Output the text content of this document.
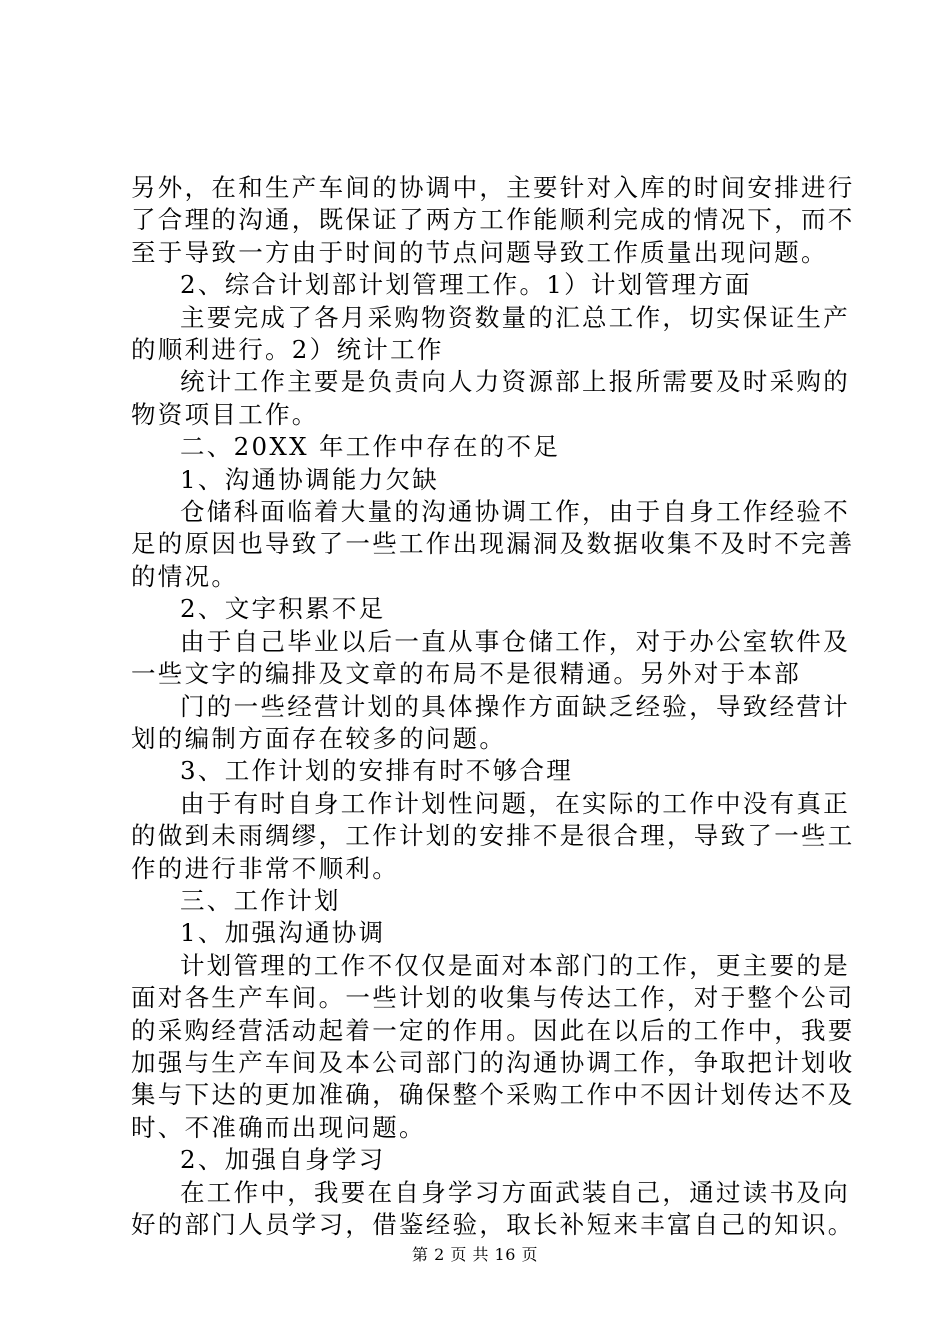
另外，在和生产车间的协调中，主要针对入库的时间安排进行
了合理的沟通，既保证了两方工作能顺利完成的情况下，而不
至于导致一方由于时间的节点问题导致工作质量出现问题。
2、综合计划部计划管理工作。1）计划管理方面
主要完成了各月采购物资数量的汇总工作，切实保证生产
的顺利进行。2）统计工作
统计工作主要是负责向人力资源部上报所需要及时采购的
物资项目工作。
二、20XX 年工作中存在的不足
1、沟通协调能力欠缺
仓储科面临着大量的沟通协调工作，由于自身工作经验不
足的原因也导致了一些工作出现漏洞及数据收集不及时不完善
的情况。
2、文字积累不足
由于自己毕业以后一直从事仓储工作，对于办公室软件及
一些文字的编排及文章的布局不是很精通。另外对于本部
门的一些经营计划的具体操作方面缺乏经验，导致经营计
划的编制方面存在较多的问题。
3、工作计划的安排有时不够合理
由于有时自身工作计划性问题，在实际的工作中没有真正
的做到未雨绸缪，工作计划的安排不是很合理，导致了一些工
作的进行非常不顺利。
三、工作计划
1、加强沟通协调
计划管理的工作不仅仅是面对本部门的工作，更主要的是
面对各生产车间。一些计划的收集与传达工作，对于整个公司
的采购经营活动起着一定的作用。因此在以后的工作中，我要
加强与生产车间及本公司部门的沟通协调工作，争取把计划收
集与下达的更加准确，确保整个采购工作中不因计划传达不及
时、不准确而出现问题。
2、加强自身学习
在工作中，我要在自身学习方面武装自己，通过读书及向
好的部门人员学习，借鉴经验，取长补短来丰富自己的知识。
第 2 页 共 16 页
